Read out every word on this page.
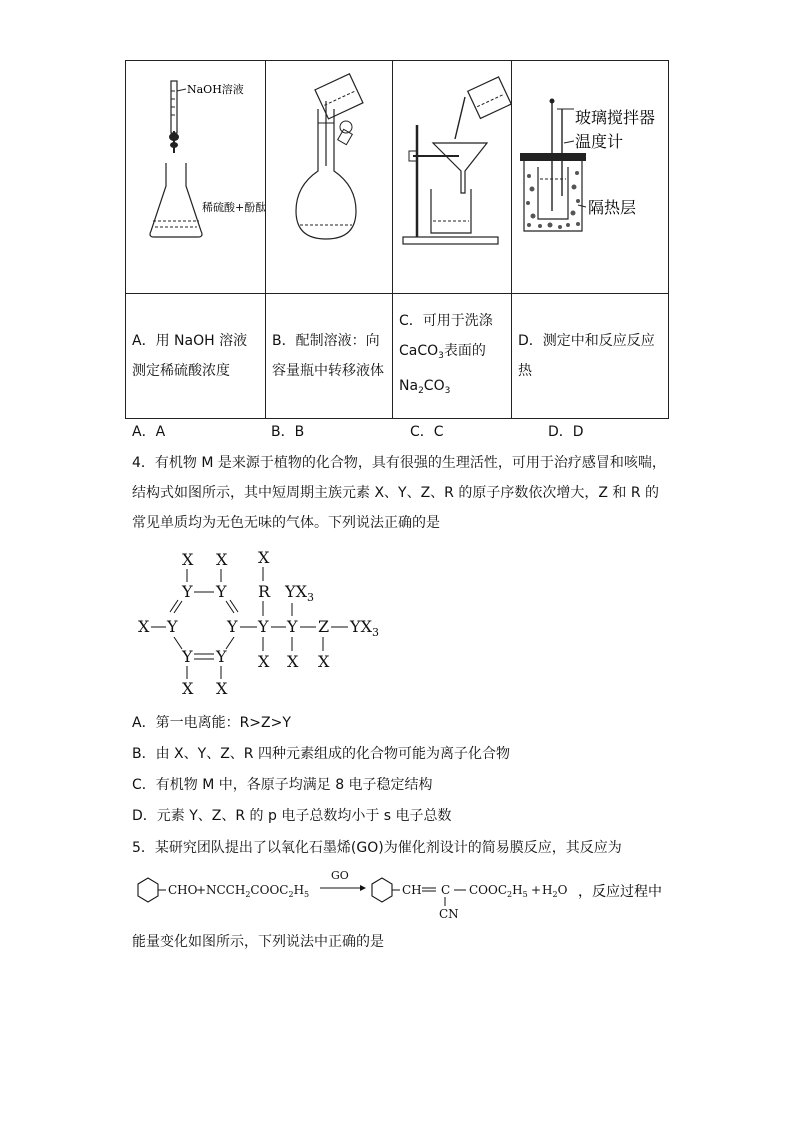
NaOH溶液
稀硫酸+酚酞			玻璃搅拌器
温度计
隔热层

A．用 NaOH 溶液测定稀硫酸浓度	B．配制溶液：向容量瓶中转移液体	C．可用于洗涤
CaCO$_3$表面的
$Na_2CO_3$	D．测定中和反应反应热
A．A	B．B	C．C	D．D
4．有机物 M 是来源于植物的化合物，具有很强的生理活性，可用于治疗感冒和咳喘，
结构式如图所示，其中短周期主族元素 X、Y、Z、R 的原子序数依次增大，Z 和 R 的
常见单质均为无色无味的气体。下列说法正确的是
X X
Y Y
X Y	Y Y Y Z $YX_3$
Y Y
X X
X
R $YX_3$
X X X
A．第一电离能：R>Z>Y
B．由 X、Y、Z、R 四种元素组成的化合物可能为离子化合物
C．有机物 M 中，各原子均满足 8 电子稳定结构
D．元素 Y、Z、R 的 p 电子总数均小于 s 电子总数
5．某研究团队提出了以氧化石墨烯(GO)为催化剂设计的简易膜反应，其反应为
CHO
+ $NCCH_2COOC_2H_5$
GO
CH C $COOC_2H_5 + H_2O$
CN
，反应过程中
能量变化如图所示，下列说法中正确的是
